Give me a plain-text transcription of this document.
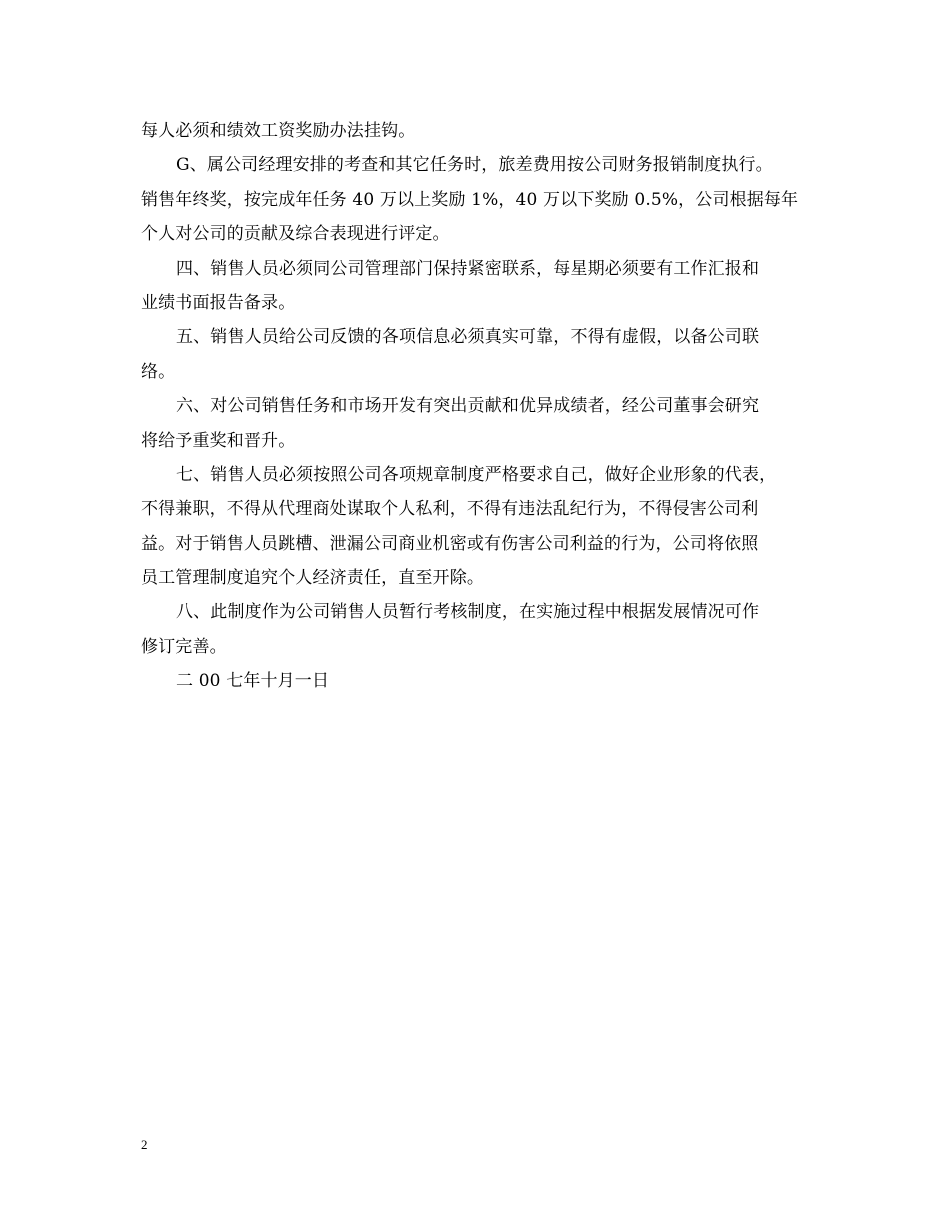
每人必须和绩效工资奖励办法挂钩。
G、属公司经理安排的考查和其它任务时，旅差费用按公司财务报销制度执行。
销售年终奖，按完成年任务 40 万以上奖励 1%，40 万以下奖励 0.5%，公司根据每年
个人对公司的贡献及综合表现进行评定。
四、销售人员必须同公司管理部门保持紧密联系，每星期必须要有工作汇报和
业绩书面报告备录。
五、销售人员给公司反馈的各项信息必须真实可靠，不得有虚假，以备公司联
络。
六、对公司销售任务和市场开发有突出贡献和优异成绩者，经公司董事会研究
将给予重奖和晋升。
七、销售人员必须按照公司各项规章制度严格要求自己，做好企业形象的代表，
不得兼职，不得从代理商处谋取个人私利，不得有违法乱纪行为，不得侵害公司利
益。对于销售人员跳槽、泄漏公司商业机密或有伤害公司利益的行为，公司将依照
员工管理制度追究个人经济责任，直至开除。
八、此制度作为公司销售人员暂行考核制度，在实施过程中根据发展情况可作
修订完善。
二 00 七年十月一日
2
